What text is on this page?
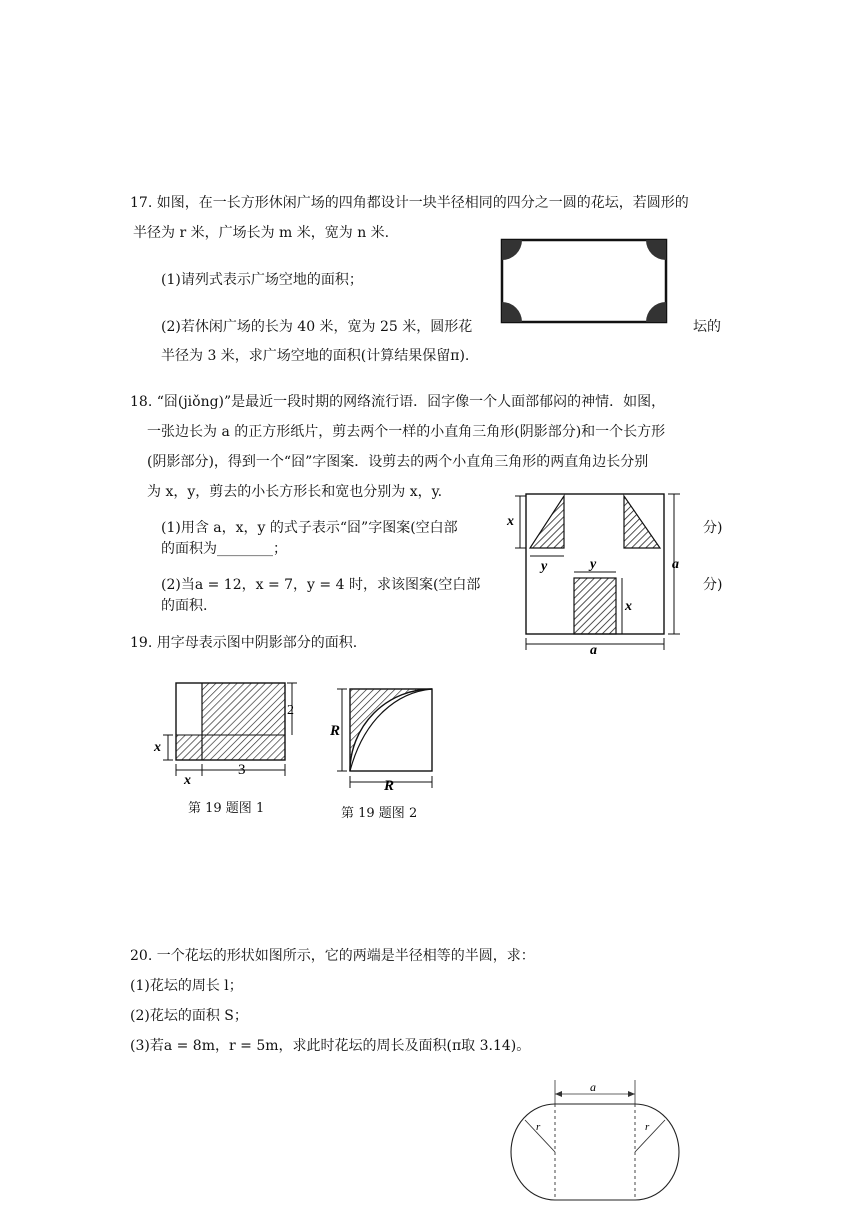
17. 如图，在一长方形休闲广场的四角都设计一块半径相同的四分之一圆的花坛，若圆形的
半径为 r 米，广场长为 m 米，宽为 n 米.
(1)请列式表示广场空地的面积；
(2)若休闲广场的长为 40 米，宽为 25 米，圆形花	坛的
半径为 3 米，求广场空地的面积(计算结果保留π).
18. “囧(jiǒng)”是最近一段时期的网络流行语．囧字像一个人面部郁闷的神情．如图，
一张边长为 a 的正方形纸片，剪去两个一样的小直角三角形(阴影部分)和一个长方形
(阴影部分)，得到一个“囧”字图案．设剪去的两个小直角三角形的两直角边长分别
为 x，y，剪去的小长方形长和宽也分别为 x，y.
(1)用含 a，x，y 的式子表示“囧”字图案(空白部	分)
的面积为________；
(2)当a = 12，x = 7，y = 4 时，求该图案(空白部	分)
的面积.
x
y	y
x
a
a
19. 用字母表示图中阴影部分的面积.
2
x
x
3
第 19 题图 1
R
R
第 19 题图 2
20. 一个花坛的形状如图所示，它的两端是半径相等的半圆，求：
(1)花坛的周长 l；
(2)花坛的面积 S；
(3)若a = 8m，r = 5m，求此时花坛的周长及面积(π取 3.14)。
a
r	r
